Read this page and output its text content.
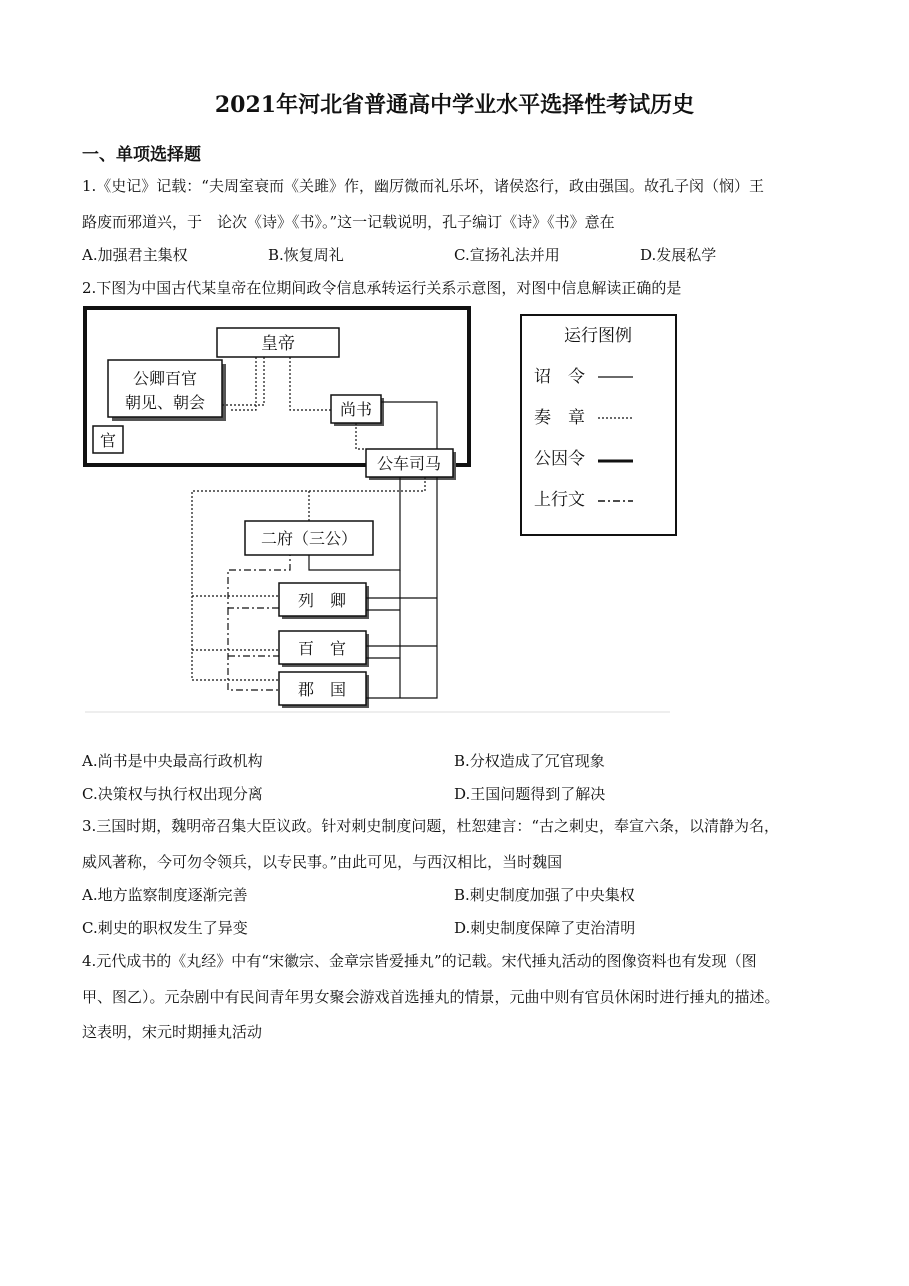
2021年河北省普通高中学业水平选择性考试历史
一、单项选择题
1.《史记》记载：“夫周室衰而《关雎》作，幽厉微而礼乐坏，诸侯恣行，政由强国。故孔子闵（悯）王
路废而邪道兴，于　论次《诗》《书》。”这一记载说明，孔子编订《诗》《书》意在
A.加强君主集权	B.恢复周礼	C.宣扬礼法并用	D.发展私学
2.下图为中国古代某皇帝在位期间政令信息承转运行关系示意图，对图中信息解读正确的是
皇帝
公卿百官
朝见、朝会
官
尚书
公车司马
二府（三公）
列　卿
百　官
郡　国
运行图例
诏　令
奏　章
公因令
上行文
A.尚书是中央最高行政机构	B.分权造成了冗官现象
C.决策权与执行权出现分离	D.王国问题得到了解决
3.三国时期，魏明帝召集大臣议政。针对刺史制度问题，杜恕建言：“古之刺史，奉宣六条，以清静为名，
威风著称，今可勿令领兵，以专民事。”由此可见，与西汉相比，当时魏国
A.地方监察制度逐渐完善	B.刺史制度加强了中央集权
C.刺史的职权发生了异变	D.刺史制度保障了吏治清明
4.元代成书的《丸经》中有“宋徽宗、金章宗皆爱捶丸”的记载。宋代捶丸活动的图像资料也有发现（图
甲、图乙）。元杂剧中有民间青年男女聚会游戏首选捶丸的情景，元曲中则有官员休闲时进行捶丸的描述。
这表明，宋元时期捶丸活动
